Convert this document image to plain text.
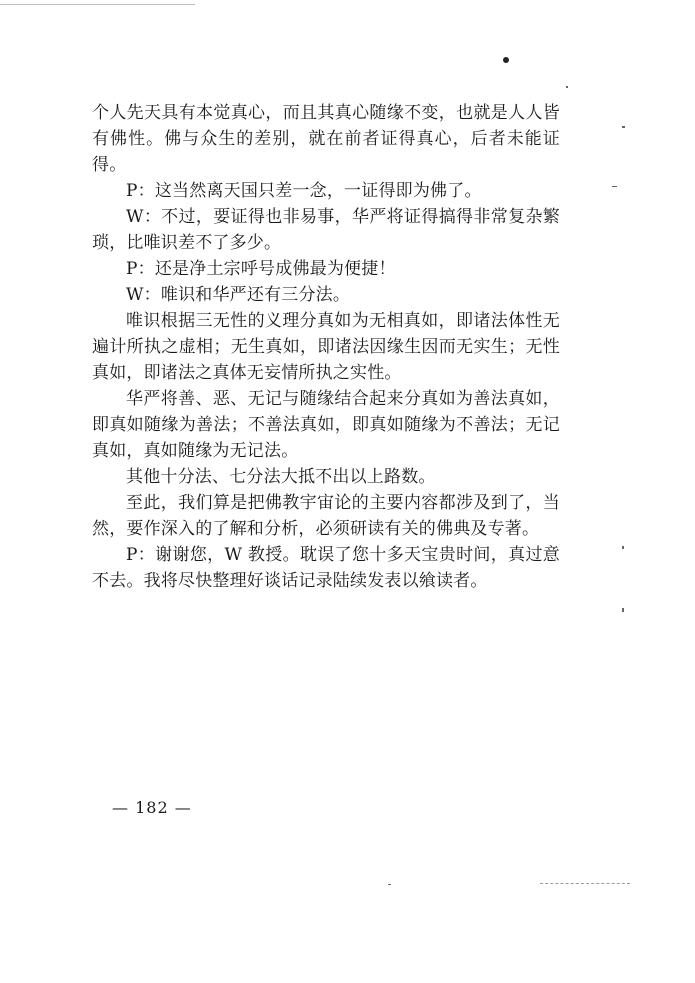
个人先天具有本觉真心，而且其真心随缘不变，也就是人人皆有佛性。佛与众生的差别，就在前者证得真心，后者未能证得。

P：这当然离天国只差一念，一证得即为佛了。

W：不过，要证得也非易事，华严将证得搞得非常复杂繁琐，比唯识差不了多少。

P：还是净土宗呼号成佛最为便捷！

W：唯识和华严还有三分法。

唯识根据三无性的义理分真如为无相真如，即诸法体性无遍计所执之虚相；无生真如，即诸法因缘生因而无实生；无性真如，即诸法之真体无妄情所执之实性。

华严将善、恶、无记与随缘结合起来分真如为善法真如，即真如随缘为善法；不善法真如，即真如随缘为不善法；无记真如，真如随缘为无记法。

其他十分法、七分法大抵不出以上路数。

至此，我们算是把佛教宇宙论的主要内容都涉及到了，当然，要作深入的了解和分析，必须研读有关的佛典及专著。

P：谢谢您，W 教授。耽误了您十多天宝贵时间，真过意不去。我将尽快整理好谈话记录陆续发表以飨读者。

— 182 —
